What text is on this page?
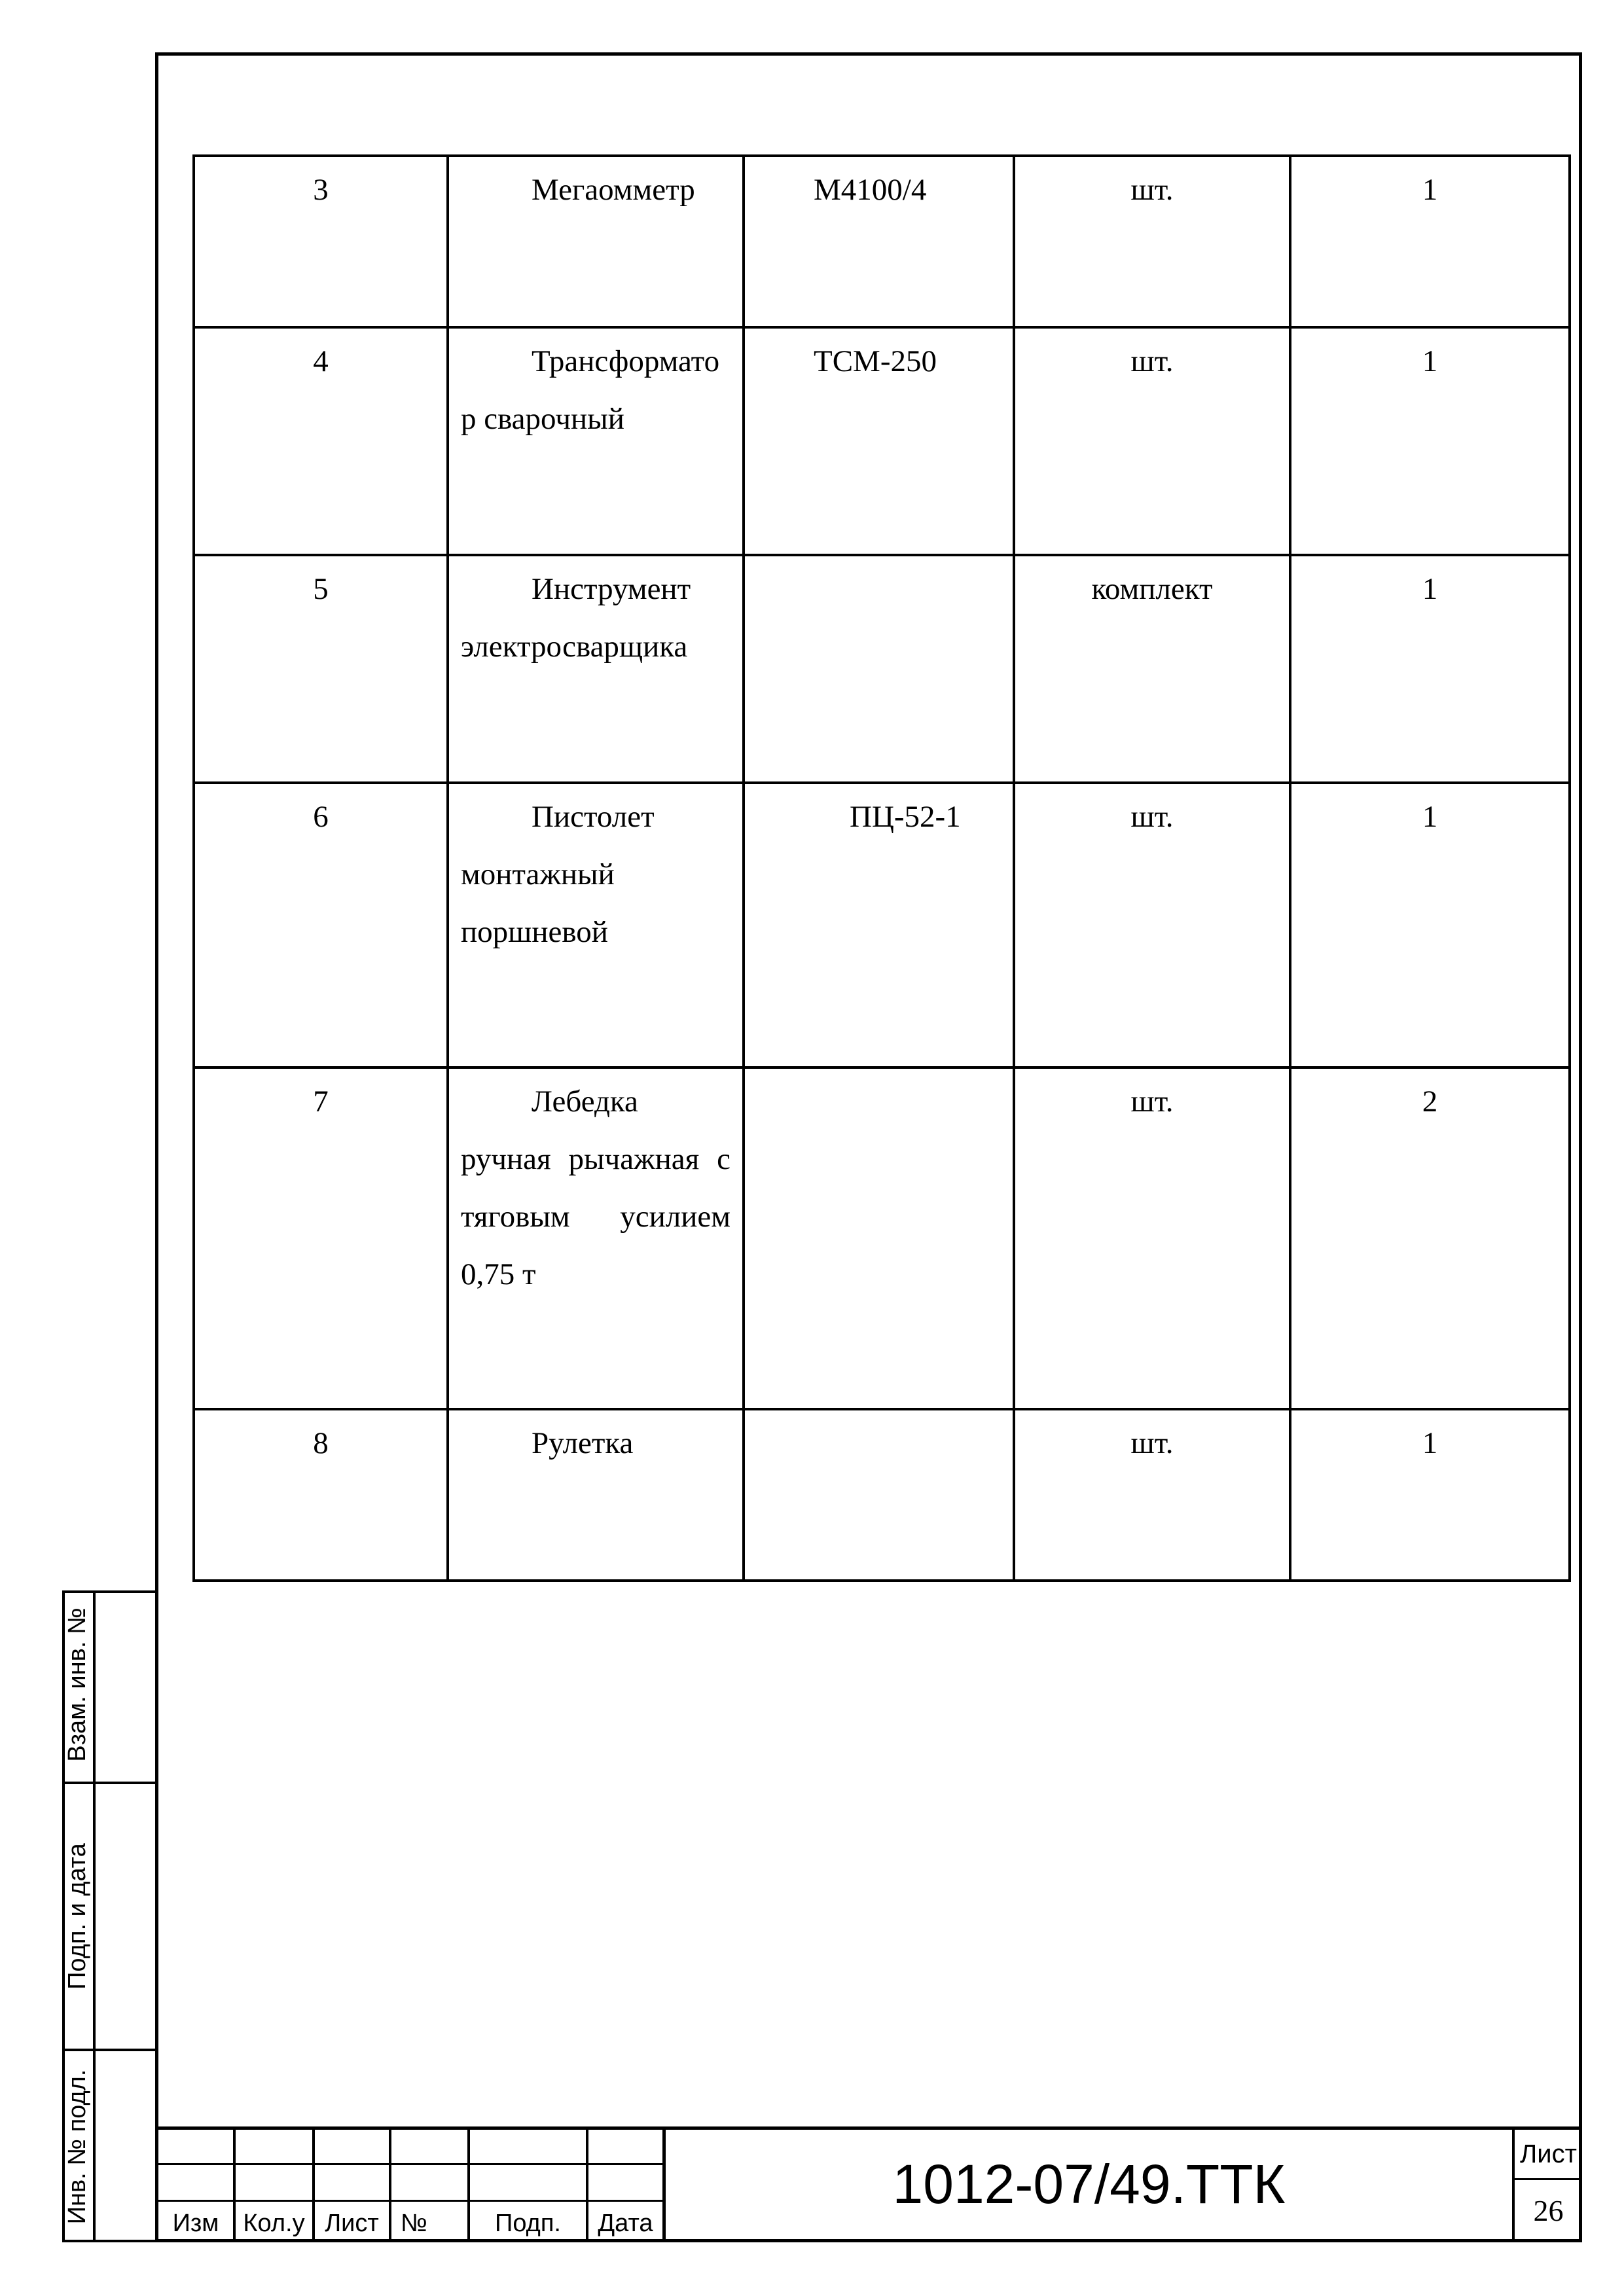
3	Мегаомметр	М4100/4	шт.	1
4	Трансформато р сварочный	ТСМ-250	шт.	1
5	Инструмент электросварщика		комплект	1
6	Пистолет монтажный поршневой	ПЦ-52-1	шт.	1
7	Лебедка ручная рычажная с тяговым усилием 0,75 т		шт.	2
8	Рулетка		шт.	1
Взам. инв. №
Подп. и дата
Инв. № подл.	Изм Кол.у Лист №	Подп.	Дата
1012-07/49.ТТК	Лист
26
